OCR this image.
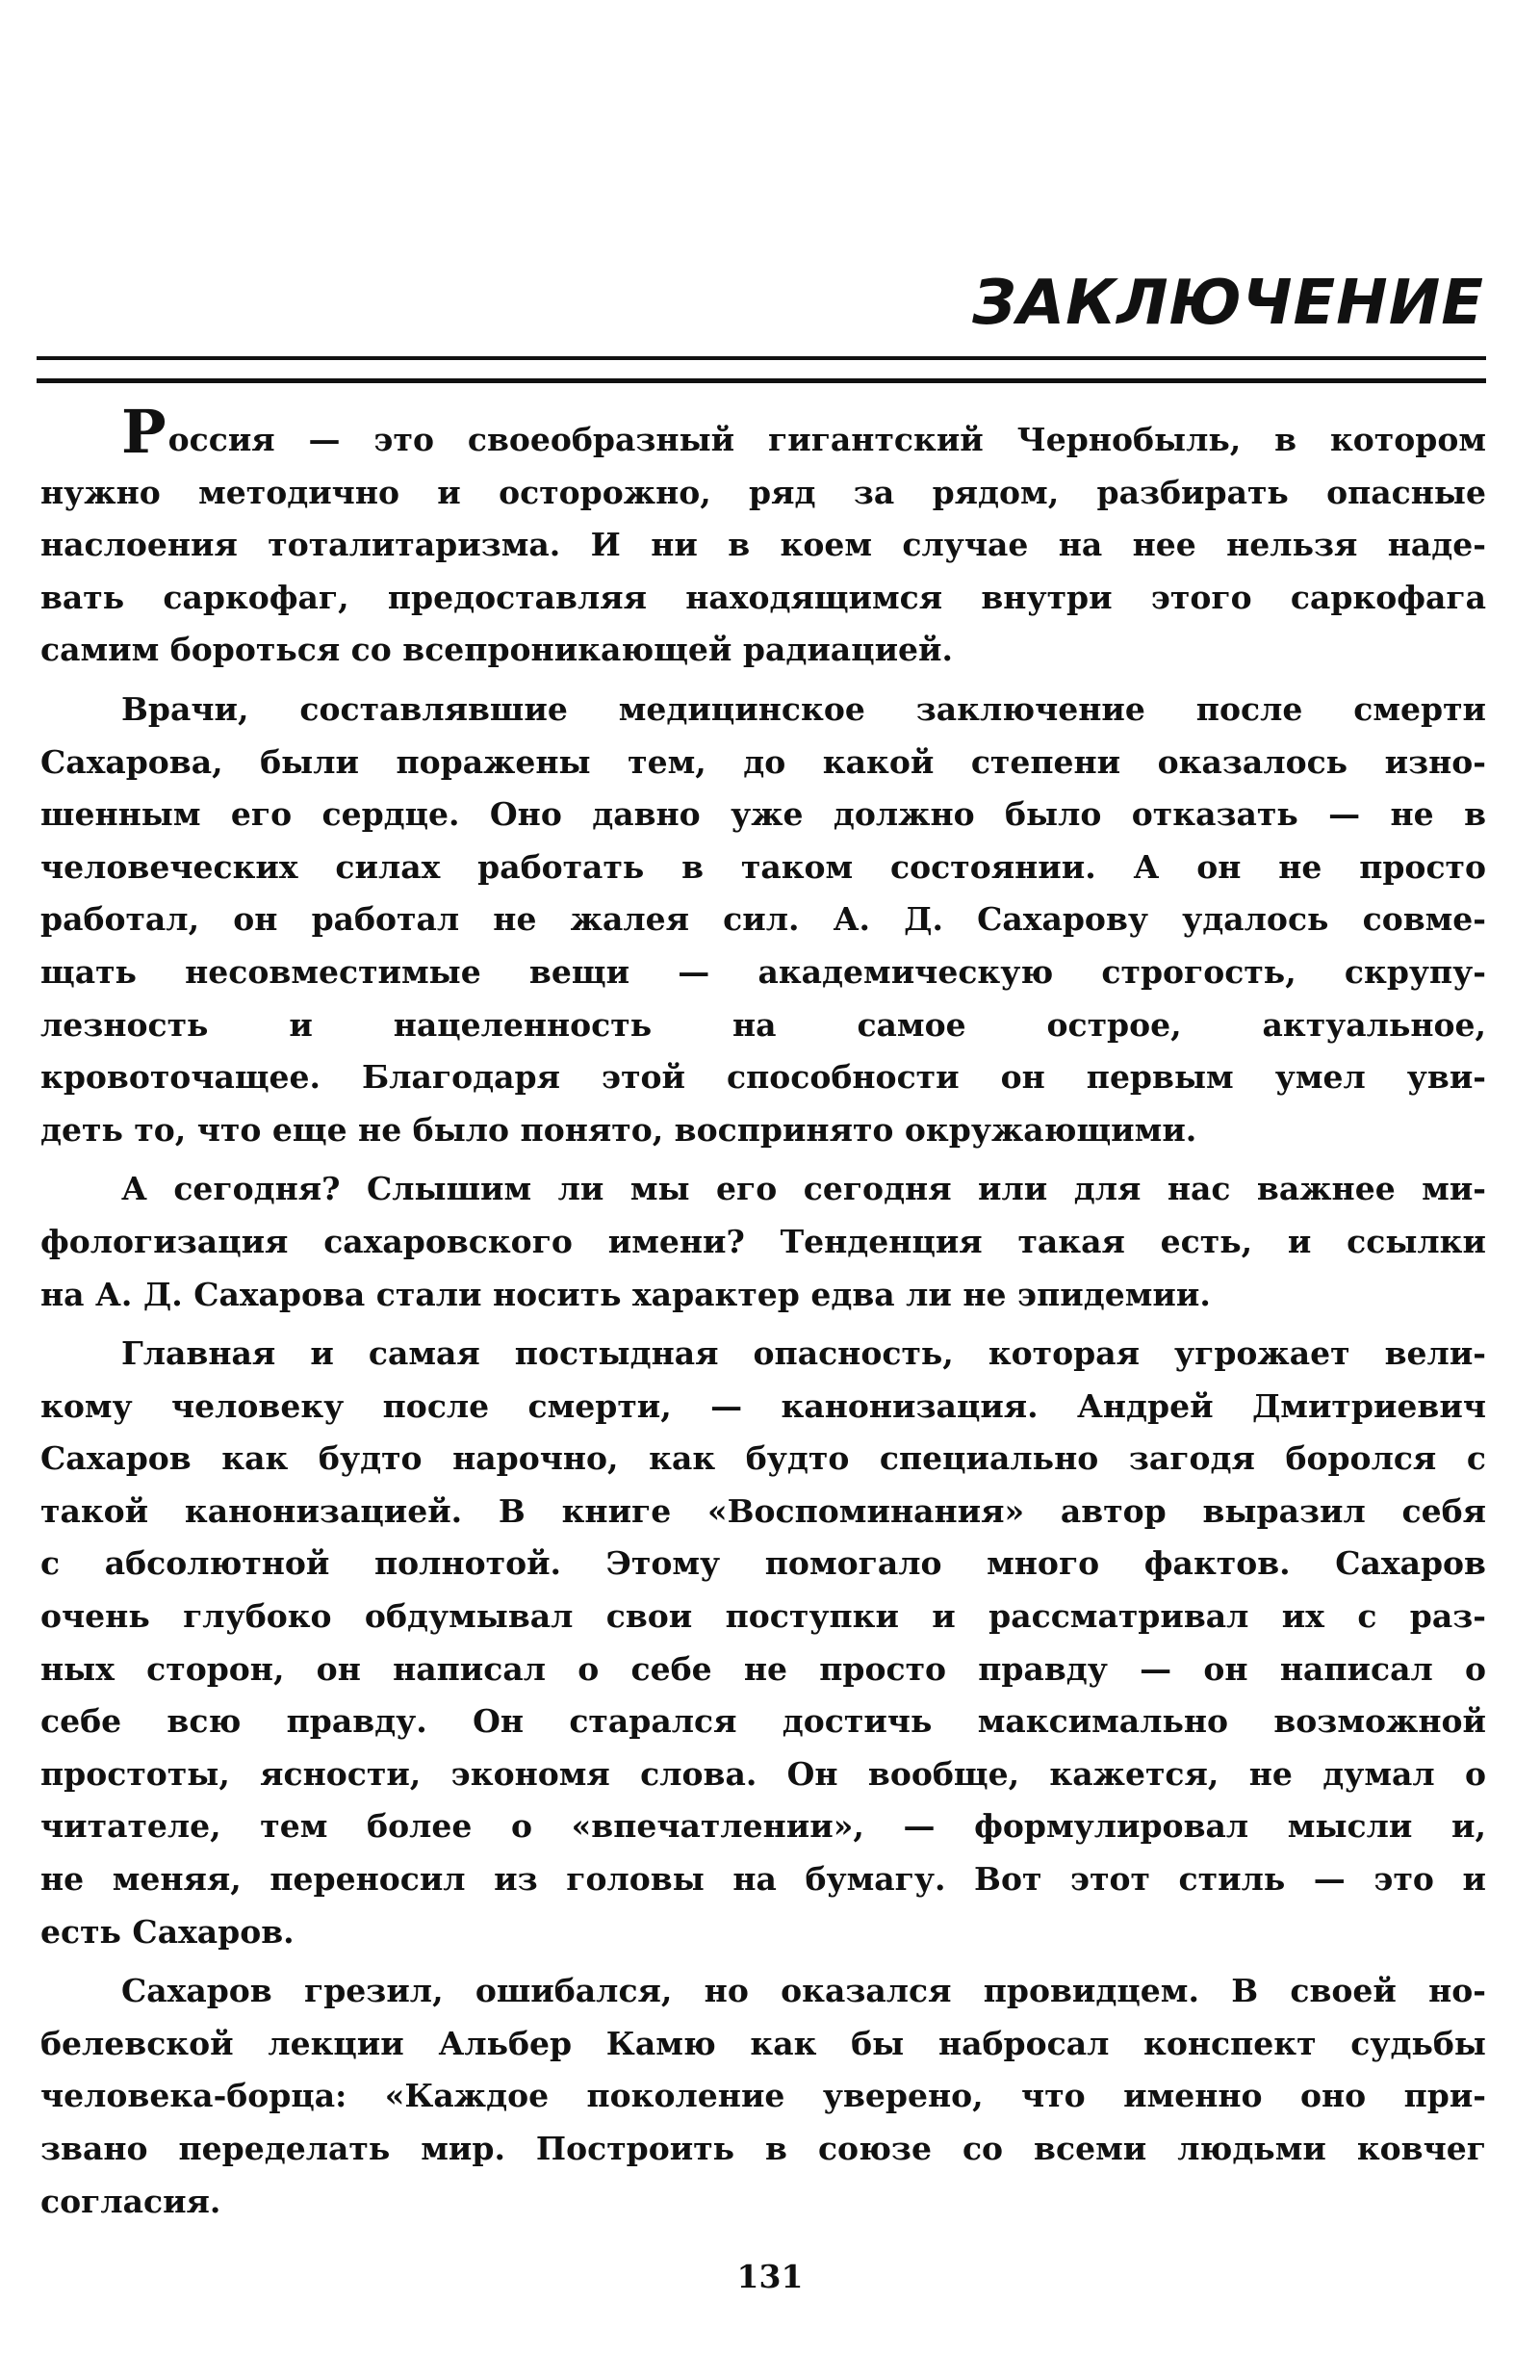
ЗАКЛЮЧЕНИЕ
Россия — это своеобразный гигантский Чернобыль, в котором
нужно методично и осторожно, ряд за рядом, разбирать опасные
наслоения тоталитаризма. И ни в коем случае на нее нельзя наде-
вать саркофаг, предоставляя находящимся внутри этого саркофага
самим бороться со всепроникающей радиацией.
Врачи, составлявшие медицинское заключение после смерти
Сахарова, были поражены тем, до какой степени оказалось изно-
шенным его сердце. Оно давно уже должно было отказать — не в
человеческих силах работать в таком состоянии. А он не просто
работал, он работал не жалея сил. А. Д. Сахарову удалось совме-
щать несовместимые вещи — академическую строгость, скрупу-
лезность и нацеленность на самое острое, актуальное,
кровоточащее. Благодаря этой способности он первым умел уви-
деть то, что еще не было понято, воспринято окружающими.
А сегодня? Слышим ли мы его сегодня или для нас важнее ми-
фологизация сахаровского имени? Тенденция такая есть, и ссылки
на А. Д. Сахарова стали носить характер едва ли не эпидемии.
Главная и самая постыдная опасность, которая угрожает вели-
кому человеку после смерти, — канонизация. Андрей Дмитриевич
Сахаров как будто нарочно, как будто специально загодя боролся с
такой канонизацией. В книге «Воспоминания» автор выразил себя
с абсолютной полнотой. Этому помогало много фактов. Сахаров
очень глубоко обдумывал свои поступки и рассматривал их с раз-
ных сторон, он написал о себе не просто правду — он написал о
себе всю правду. Он старался достичь максимально возможной
простоты, ясности, экономя слова. Он вообще, кажется, не думал о
читателе, тем более о «впечатлении», — формулировал мысли и,
не меняя, переносил из головы на бумагу. Вот этот стиль — это и
есть Сахаров.
Сахаров грезил, ошибался, но оказался провидцем. В своей но-
белевской лекции Альбер Камю как бы набросал конспект судьбы
человека-борца: «Каждое поколение уверено, что именно оно при-
звано переделать мир. Построить в союзе со всеми людьми ковчег
согласия.
131
